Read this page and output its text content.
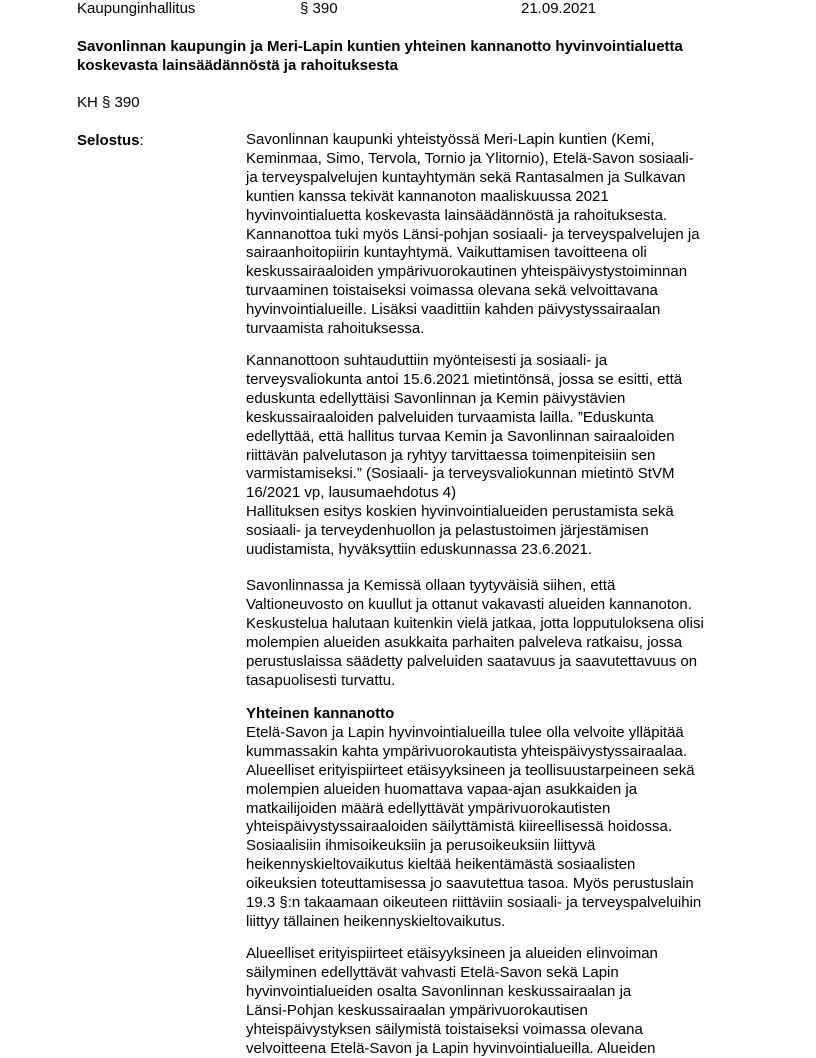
Kaupunginhallitus	§ 390	21.09.2021
Savonlinnan kaupungin ja Meri-Lapin kuntien yhteinen kannanotto hyvinvointialuetta
koskevasta lainsäädännöstä ja rahoituksesta
KH § 390
Selostus:	Savonlinnan kaupunki yhteistyössä Meri-Lapin kuntien (Kemi,
Keminmaa, Simo, Tervola, Tornio ja Ylitornio), Etelä-Savon sosiaali-
ja terveyspalvelujen kuntayhtymän sekä Rantasalmen ja Sulkavan
kuntien kanssa tekivät kannanoton maaliskuussa 2021
hyvinvointialuetta koskevasta lainsäädännöstä ja rahoituksesta.
Kannanottoa tuki myös Länsi-pohjan sosiaali- ja terveyspalvelujen ja
sairaanhoitopiirin kuntayhtymä. Vaikuttamisen tavoitteena oli
keskussairaaloiden ympärivuorokautinen yhteispäivystystoiminnan
turvaaminen toistaiseksi voimassa olevana sekä velvoittavana
hyvinvointialueille. Lisäksi vaadittiin kahden päivystyssairaalan
turvaamista rahoituksessa.
Kannanottoon suhtauduttiin myönteisesti ja sosiaali- ja
terveysvaliokunta antoi 15.6.2021 mietintönsä, jossa se esitti, että
eduskunta edellyttäisi Savonlinnan ja Kemin päivystävien
keskussairaaloiden palveluiden turvaamista lailla. ”Eduskunta
edellyttää, että hallitus turvaa Kemin ja Savonlinnan sairaaloiden
riittävän palvelutason ja ryhtyy tarvittaessa toimenpiteisiin sen
varmistamiseksi.” (Sosiaali- ja terveysvaliokunnan mietintö StVM
16/2021 vp, lausumaehdotus 4)
Hallituksen esitys koskien hyvinvointialueiden perustamista sekä
sosiaali- ja terveydenhuollon ja pelastustoimen järjestämisen
uudistamista, hyväksyttiin eduskunnassa 23.6.2021.
Savonlinnassa ja Kemissä ollaan tyytyväisiä siihen, että
Valtioneuvosto on kuullut ja ottanut vakavasti alueiden kannanoton.
Keskustelua halutaan kuitenkin vielä jatkaa, jotta lopputuloksena olisi
molempien alueiden asukkaita parhaiten palveleva ratkaisu, jossa
perustuslaissa säädetty palveluiden saatavuus ja saavutettavuus on
tasapuolisesti turvattu.
Yhteinen kannanotto
Etelä-Savon ja Lapin hyvinvointialueilla tulee olla velvoite ylläpitää
kummassakin kahta ympärivuorokautista yhteispäivystyssairaalaa.
Alueelliset erityispiirteet etäisyyksineen ja teollisuustarpeineen sekä
molempien alueiden huomattava vapaa-ajan asukkaiden ja
matkailijoiden määrä edellyttävät ympärivuorokautisten
yhteispäivystyssairaaloiden säilyttämistä kiireellisessä hoidossa.
Sosiaalisiin ihmisoikeuksiin ja perusoikeuksiin liittyvä
heikennyskieltovaikutus kieltää heikentämästä sosiaalisten
oikeuksien toteuttamisessa jo saavutettua tasoa. Myös perustuslain
19.3 §:n takaamaan oikeuteen riittäviin sosiaali- ja terveyspalveluihin
liittyy tällainen heikennyskieltovaikutus.
Alueelliset erityispiirteet etäisyyksineen ja alueiden elinvoiman
säilyminen edellyttävät vahvasti Etelä-Savon sekä Lapin
hyvinvointialueiden osalta Savonlinnan keskussairaalan ja
Länsi-Pohjan keskussairaalan ympärivuorokautisen
yhteispäivystyksen säilymistä toistaiseksi voimassa olevana
velvoitteena Etelä-Savon ja Lapin hyvinvointialueilla. Alueiden
